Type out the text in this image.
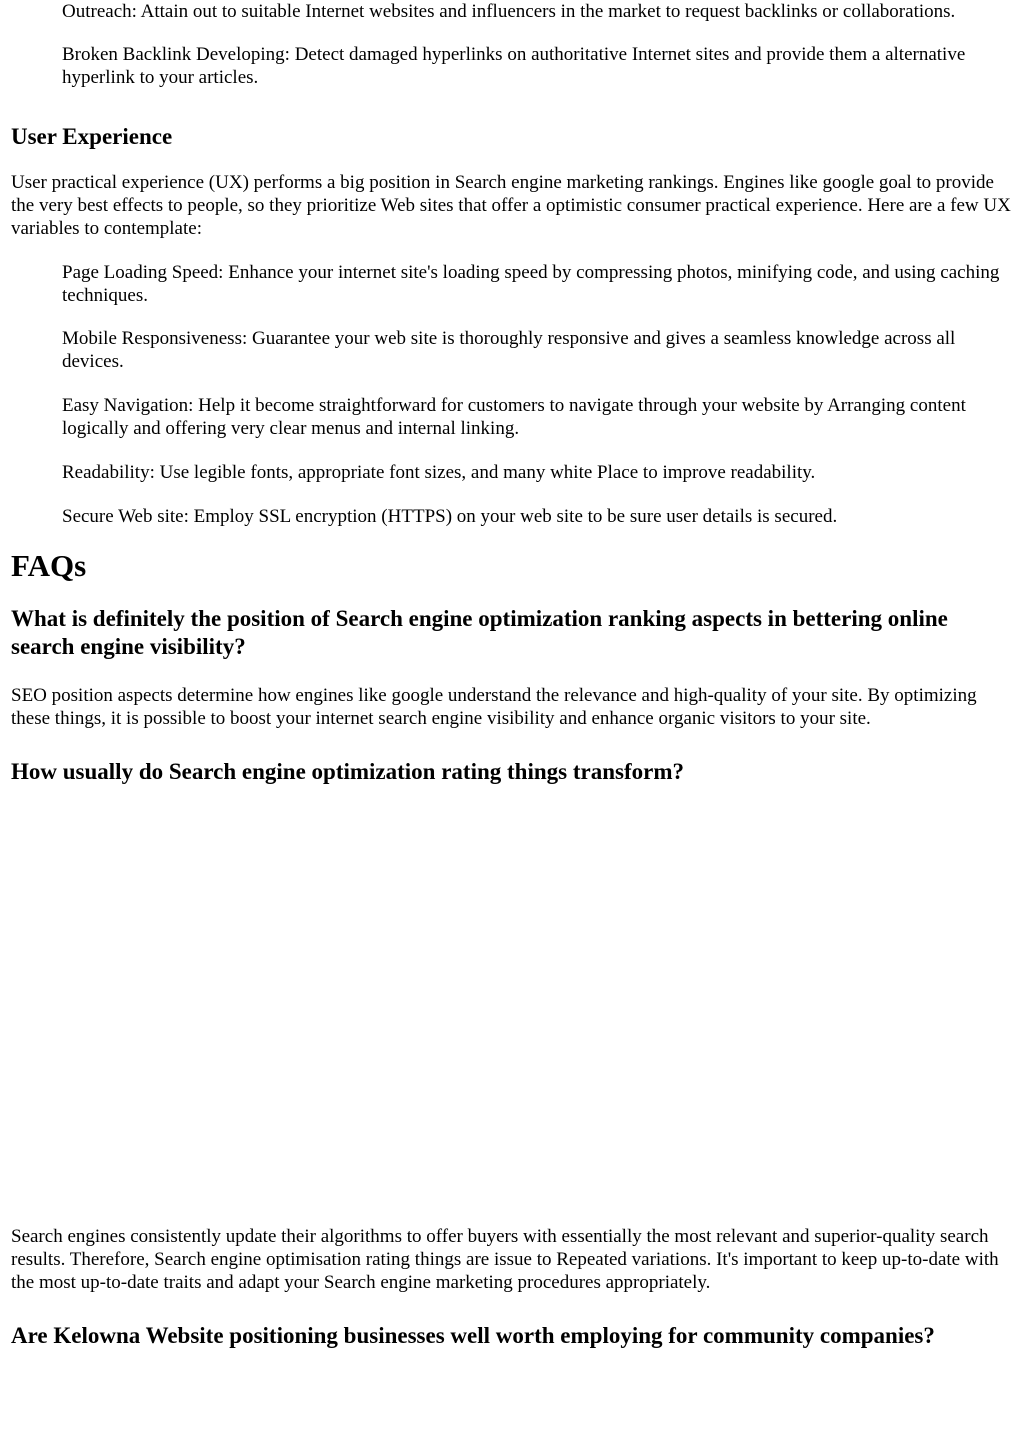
Outreach: Attain out to suitable Internet websites and influencers in the market to request backlinks or collaborations.

Broken Backlink Developing: Detect damaged hyperlinks on authoritative Internet sites and provide them a alternative hyperlink to your articles.

User Experience

User practical experience (UX) performs a big position in Search engine marketing rankings. Engines like google goal to provide the very best effects to people, so they prioritize Web sites that offer a optimistic consumer practical experience. Here are a few UX variables to contemplate:

Page Loading Speed: Enhance your internet site's loading speed by compressing photos, minifying code, and using caching techniques.

Mobile Responsiveness: Guarantee your web site is thoroughly responsive and gives a seamless knowledge across all devices.

Easy Navigation: Help it become straightforward for customers to navigate through your website by Arranging content logically and offering very clear menus and internal linking.

Readability: Use legible fonts, appropriate font sizes, and many white Place to improve readability.

Secure Web site: Employ SSL encryption (HTTPS) on your web site to be sure user details is secured.

FAQs
What is definitely the position of Search engine optimization ranking aspects in bettering online search engine visibility?

SEO position aspects determine how engines like google understand the relevance and high-quality of your site. By optimizing these things, it is possible to boost your internet search engine visibility and enhance organic visitors to your site.

How usually do Search engine optimization rating things transform?

Search engines consistently update their algorithms to offer buyers with essentially the most relevant and superior-quality search results. Therefore, Search engine optimisation rating things are issue to Repeated variations. It's important to keep up-to-date with the most up-to-date traits and adapt your Search engine marketing procedures appropriately.

Are Kelowna Website positioning businesses well worth employing for community companies?
